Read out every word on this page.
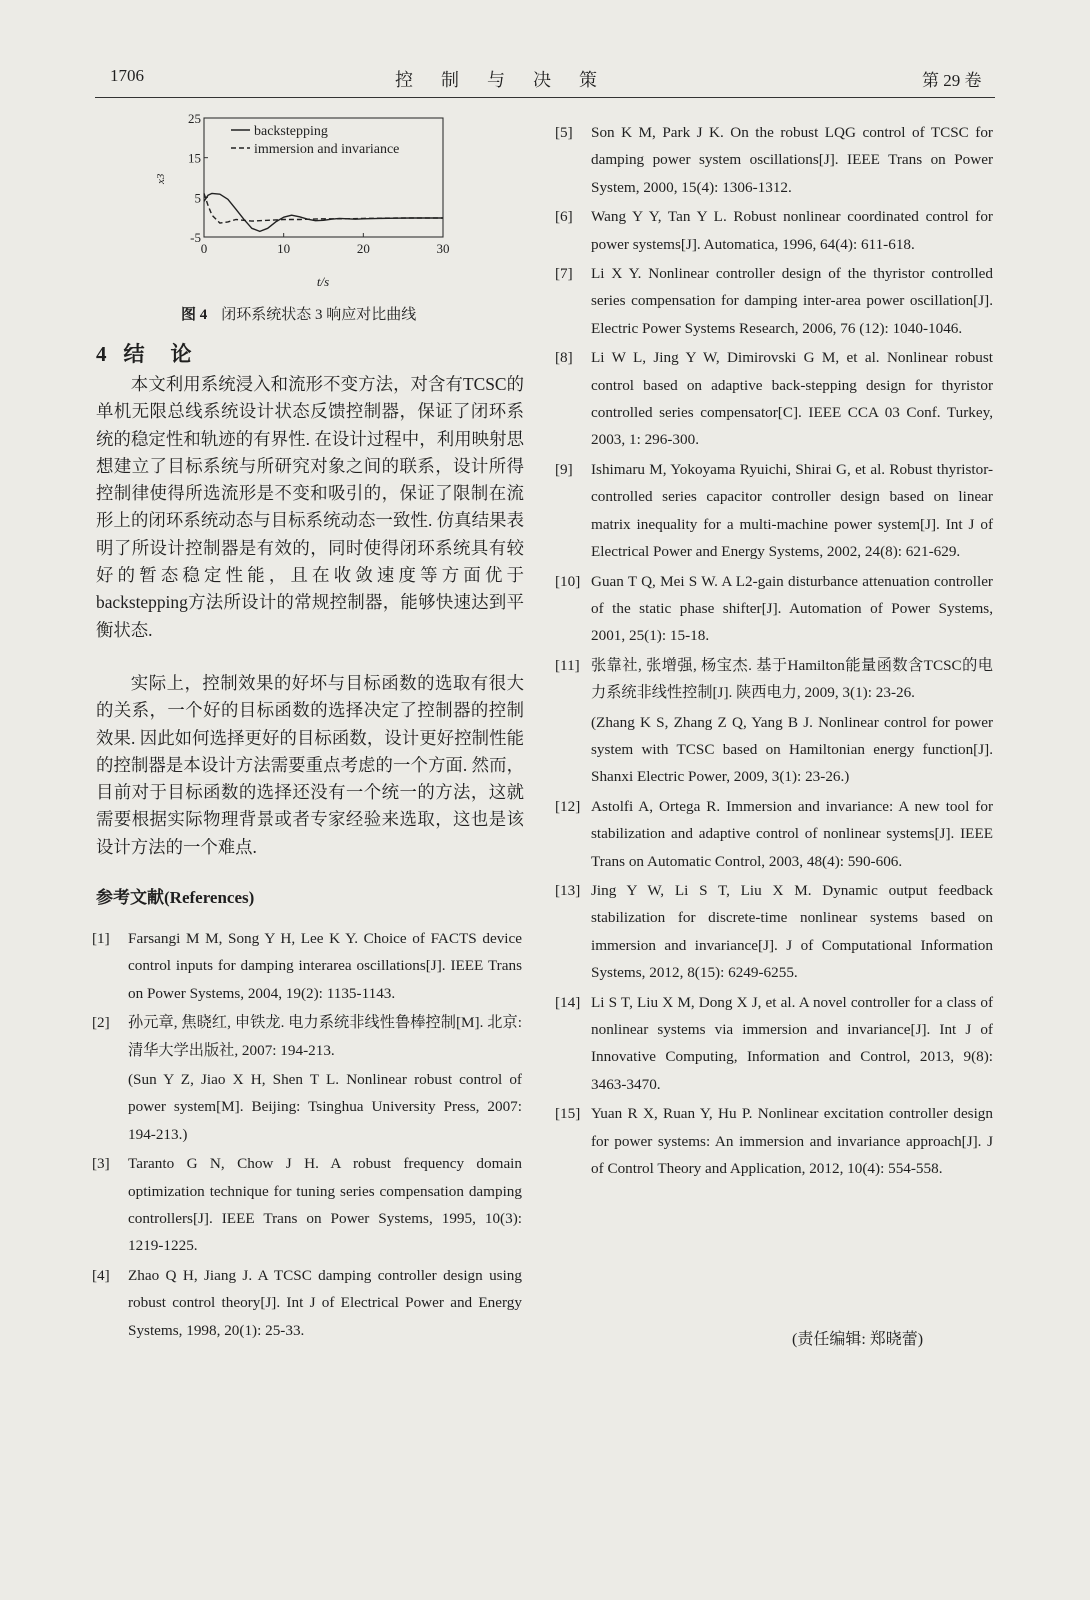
1706	控制与决策	第 29 卷
25
15
5
-5
0	10	20	30
backstepping
immersion and invariance
t/s
x3
图 4 闭环系统状态 3 响应对比曲线
4 结论
本文利用系统浸入和流形不变方法，对含有TCSC的单机无限总线系统设计状态反馈控制器，保证了闭环系统的稳定性和轨迹的有界性. 在设计过程中，利用映射思想建立了目标系统与所研究对象之间的联系，设计所得控制律使得所选流形是不变和吸引的，保证了限制在流形上的闭环系统动态与目标系统动态一致性. 仿真结果表明了所设计控制器是有效的，同时使得闭环系统具有较好的暂态稳定性能，且在收敛速度等方面优于backstepping方法所设计的常规控制器，能够快速达到平衡状态.
实际上，控制效果的好坏与目标函数的选取有很大的关系，一个好的目标函数的选择决定了控制器的控制效果. 因此如何选择更好的目标函数，设计更好控制性能的控制器是本设计方法需要重点考虑的一个方面. 然而，目前对于目标函数的选择还没有一个统一的方法，这就需要根据实际物理背景或者专家经验来选取，这也是该设计方法的一个难点.
参考文献(References)
[1]	Farsangi M M, Song Y H, Lee K Y. Choice of FACTS device control inputs for damping interarea oscillations[J]. IEEE Trans on Power Systems, 2004, 19(2): 1135-1143.
[2]	孙元章, 焦晓红, 申铁龙. 电力系统非线性鲁棒控制[M]. 北京: 清华大学出版社, 2007: 194-213.
(Sun Y Z, Jiao X H, Shen T L. Nonlinear robust control of power system[M]. Beijing: Tsinghua University Press, 2007: 194-213.)
[3]	Taranto G N, Chow J H. A robust frequency domain optimization technique for tuning series compensation damping controllers[J]. IEEE Trans on Power Systems, 1995, 10(3): 1219-1225.
[4]	Zhao Q H, Jiang J. A TCSC damping controller design using robust control theory[J]. Int J of Electrical Power and Energy Systems, 1998, 20(1): 25-33.
[5]	Son K M, Park J K. On the robust LQG control of TCSC for damping power system oscillations[J]. IEEE Trans on Power System, 2000, 15(4): 1306-1312.
[6]	Wang Y Y, Tan Y L. Robust nonlinear coordinated control for power systems[J]. Automatica, 1996, 64(4): 611-618.
[7]	Li X Y. Nonlinear controller design of the thyristor controlled series compensation for damping inter-area power oscillation[J]. Electric Power Systems Research, 2006, 76 (12): 1040-1046.
[8]	Li W L, Jing Y W, Dimirovski G M, et al. Nonlinear robust control based on adaptive back-stepping design for thyristor controlled series compensator[C]. IEEE CCA 03 Conf. Turkey, 2003, 1: 296-300.
[9]	Ishimaru M, Yokoyama Ryuichi, Shirai G, et al. Robust thyristor-controlled series capacitor controller design based on linear matrix inequality for a multi-machine power system[J]. Int J of Electrical Power and Energy Systems, 2002, 24(8): 621-629.
[10] Guan T Q, Mei S W. A L2-gain disturbance attenuation controller of the static phase shifter[J]. Automation of Power Systems, 2001, 25(1): 15-18.
[11] 张靠社, 张增强, 杨宝杰. 基于Hamilton能量函数含TCSC的电力系统非线性控制[J]. 陕西电力, 2009, 3(1): 23-26.
(Zhang K S, Zhang Z Q, Yang B J. Nonlinear control for power system with TCSC based on Hamiltonian energy function[J]. Shanxi Electric Power, 2009, 3(1): 23-26.)
[12] Astolfi A, Ortega R. Immersion and invariance: A new tool for stabilization and adaptive control of nonlinear systems[J]. IEEE Trans on Automatic Control, 2003, 48(4): 590-606.
[13] Jing Y W, Li S T, Liu X M. Dynamic output feedback stabilization for discrete-time nonlinear systems based on immersion and invariance[J]. J of Computational Information Systems, 2012, 8(15): 6249-6255.
[14] Li S T, Liu X M, Dong X J, et al. A novel controller for a class of nonlinear systems via immersion and invariance[J]. Int J of Innovative Computing, Information and Control, 2013, 9(8): 3463-3470.
[15] Yuan R X, Ruan Y, Hu P. Nonlinear excitation controller design for power systems: An immersion and invariance approach[J]. J of Control Theory and Application, 2012, 10(4): 554-558.
(责任编辑: 郑晓蕾)
